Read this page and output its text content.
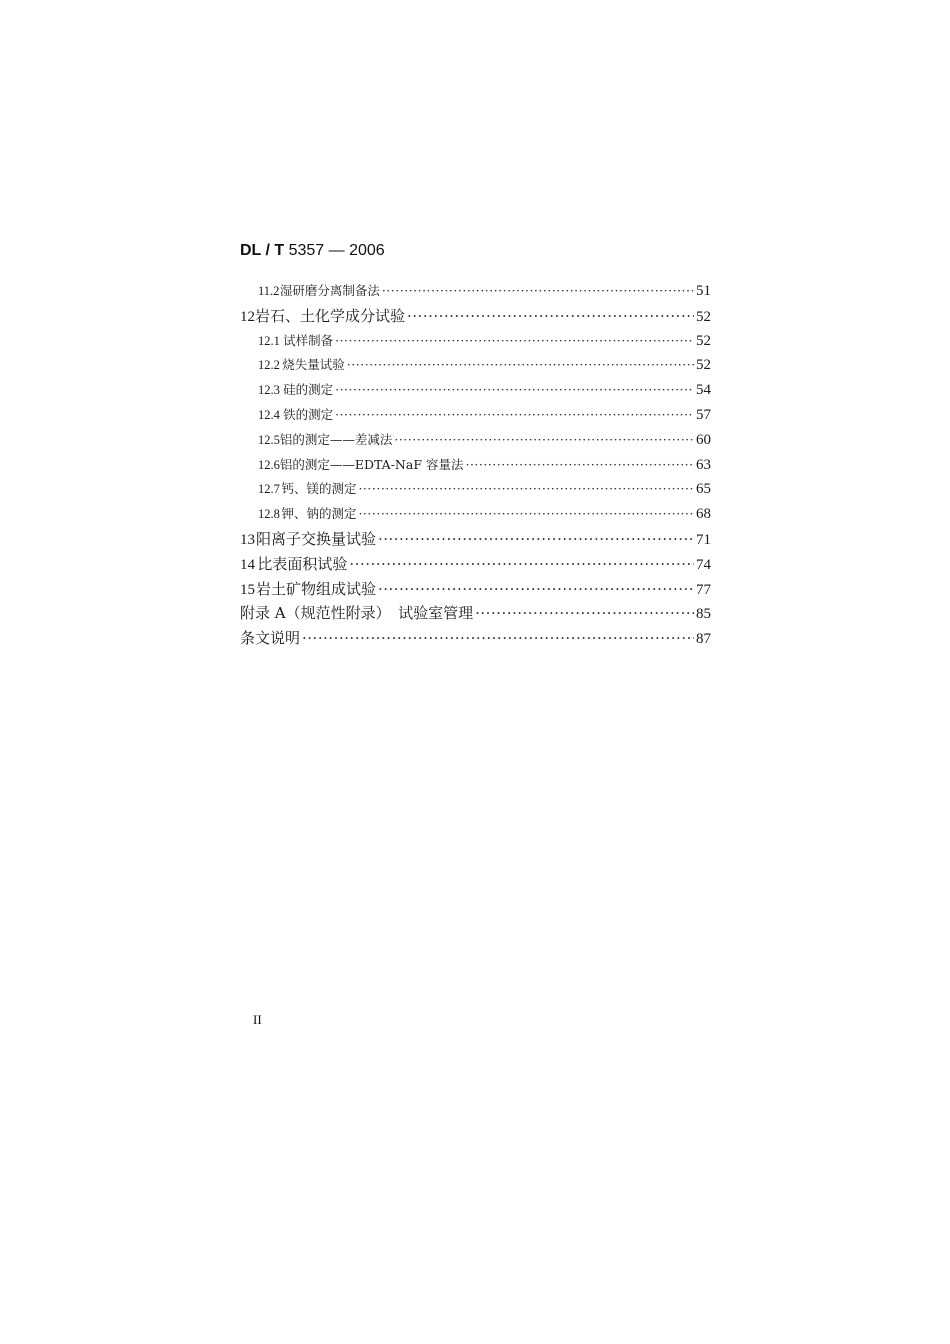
DL / T 5357 — 2006
11.2 湿研磨分离制备法 ·····	51
12 岩石、土化学成分试验 ·····	52
12.1 试样制备 ·····	52
12.2 烧失量试验 ·····	52
12.3 硅的测定 ·····	54
12.4 铁的测定 ·····	57
12.5 铝的测定——差减法 ·····	60
12.6 铝的测定——EDTA-NaF 容量法 ·····	63
12.7 钙、镁的测定 ·····	65
12.8 钾、钠的测定 ·····	68
13 阳离子交换量试验 ·····	71
14 比表面积试验 ·····	74
15 岩土矿物组成试验 ·····	77
附录 A（规范性附录）　试验室管理 ·····	85
条文说明 ·····	87
II
